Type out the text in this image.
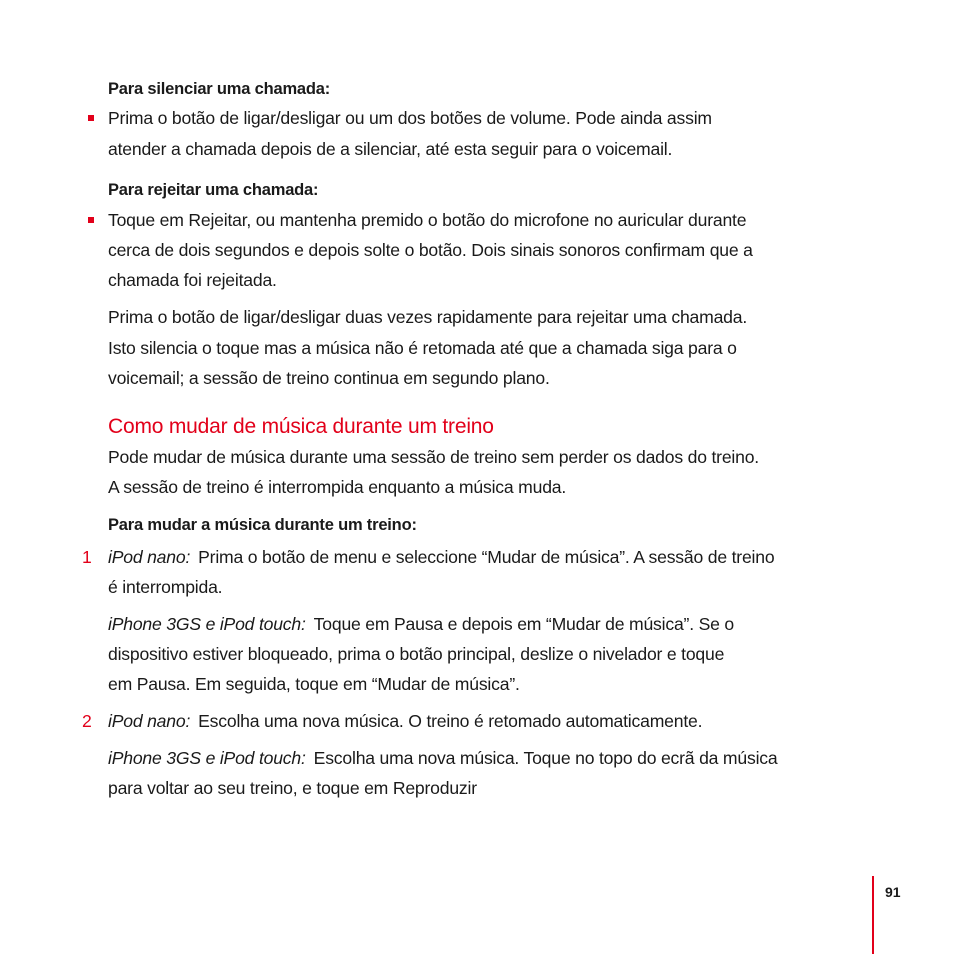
Para silenciar uma chamada:
Prima o botão de ligar/desligar ou um dos botões de volume. Pode ainda assim
atender a chamada depois de a silenciar, até esta seguir para o voicemail.
Para rejeitar uma chamada:
Toque em Rejeitar, ou mantenha premido o botão do microfone no auricular durante
cerca de dois segundos e depois solte o botão. Dois sinais sonoros confirmam que a
chamada foi rejeitada.
Prima o botão de ligar/desligar duas vezes rapidamente para rejeitar uma chamada.
Isto silencia o toque mas a música não é retomada até que a chamada siga para o
voicemail; a sessão de treino continua em segundo plano.
Como mudar de música durante um treino
Pode mudar de música durante uma sessão de treino sem perder os dados do treino.
A sessão de treino é interrompida enquanto a música muda.
Para mudar a música durante um treino:
1 iPod nano: Prima o botão de menu e seleccione “Mudar de música”. A sessão de treino
é interrompida.
iPhone 3GS e iPod touch: Toque em Pausa e depois em “Mudar de música”. Se o
dispositivo estiver bloqueado, prima o botão principal, deslize o nivelador e toque
em Pausa. Em seguida, toque em “Mudar de música”.
2 iPod nano: Escolha uma nova música. O treino é retomado automaticamente.
iPhone 3GS e iPod touch: Escolha uma nova música. Toque no topo do ecrã da música
para voltar ao seu treino, e toque em Reproduzir
91
